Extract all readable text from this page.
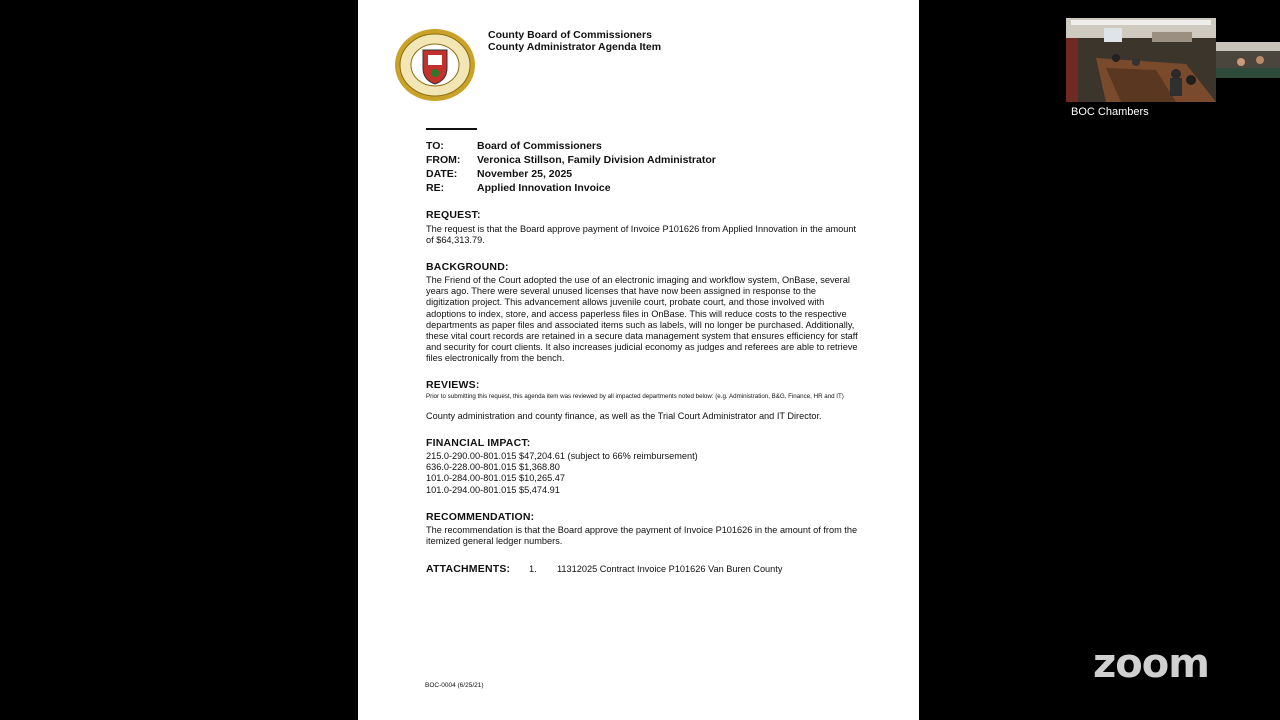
County Board of Commissioners
County Administrator Agenda Item
TO:	Board of Commissioners
FROM:	Veronica Stillson, Family Division Administrator
DATE:	November 25, 2025
RE:	Applied Innovation Invoice
REQUEST:
The request is that the Board approve payment of Invoice P101626 from Applied Innovation in the amount of $64,313.79.
BACKGROUND:
The Friend of the Court adopted the use of an electronic imaging and workflow system, OnBase, several years ago. There were several unused licenses that have now been assigned in response to the digitization project. This advancement allows juvenile court, probate court, and those involved with adoptions to index, store, and access paperless files in OnBase. This will reduce costs to the respective departments as paper files and associated items such as labels, will no longer be purchased. Additionally, these vital court records are retained in a secure data management system that ensures efficiency for staff and security for court clients. It also increases judicial economy as judges and referees are able to retrieve files electronically from the bench.
REVIEWS:
Prior to submitting this request, this agenda item was reviewed by all impacted departments noted below: (e.g. Administration, B&G, Finance, HR and IT)
County administration and county finance, as well as the Trial Court Administrator and IT Director.
FINANCIAL IMPACT:
215.0-290.00-801.015 $47,204.61 (subject to 66% reimbursement)
636.0-228.00-801.015 $1,368.80
101.0-284.00-801.015 $10,265.47
101.0-294.00-801.015 $5,474.91
RECOMMENDATION:
The recommendation is that the Board approve the payment of Invoice P101626 in the amount of from the itemized general ledger numbers.
ATTACHMENTS:	1.	11312025 Contract Invoice P101626 Van Buren County
BOC-0004 (6/25/21)
BOC Chambers
zoom
